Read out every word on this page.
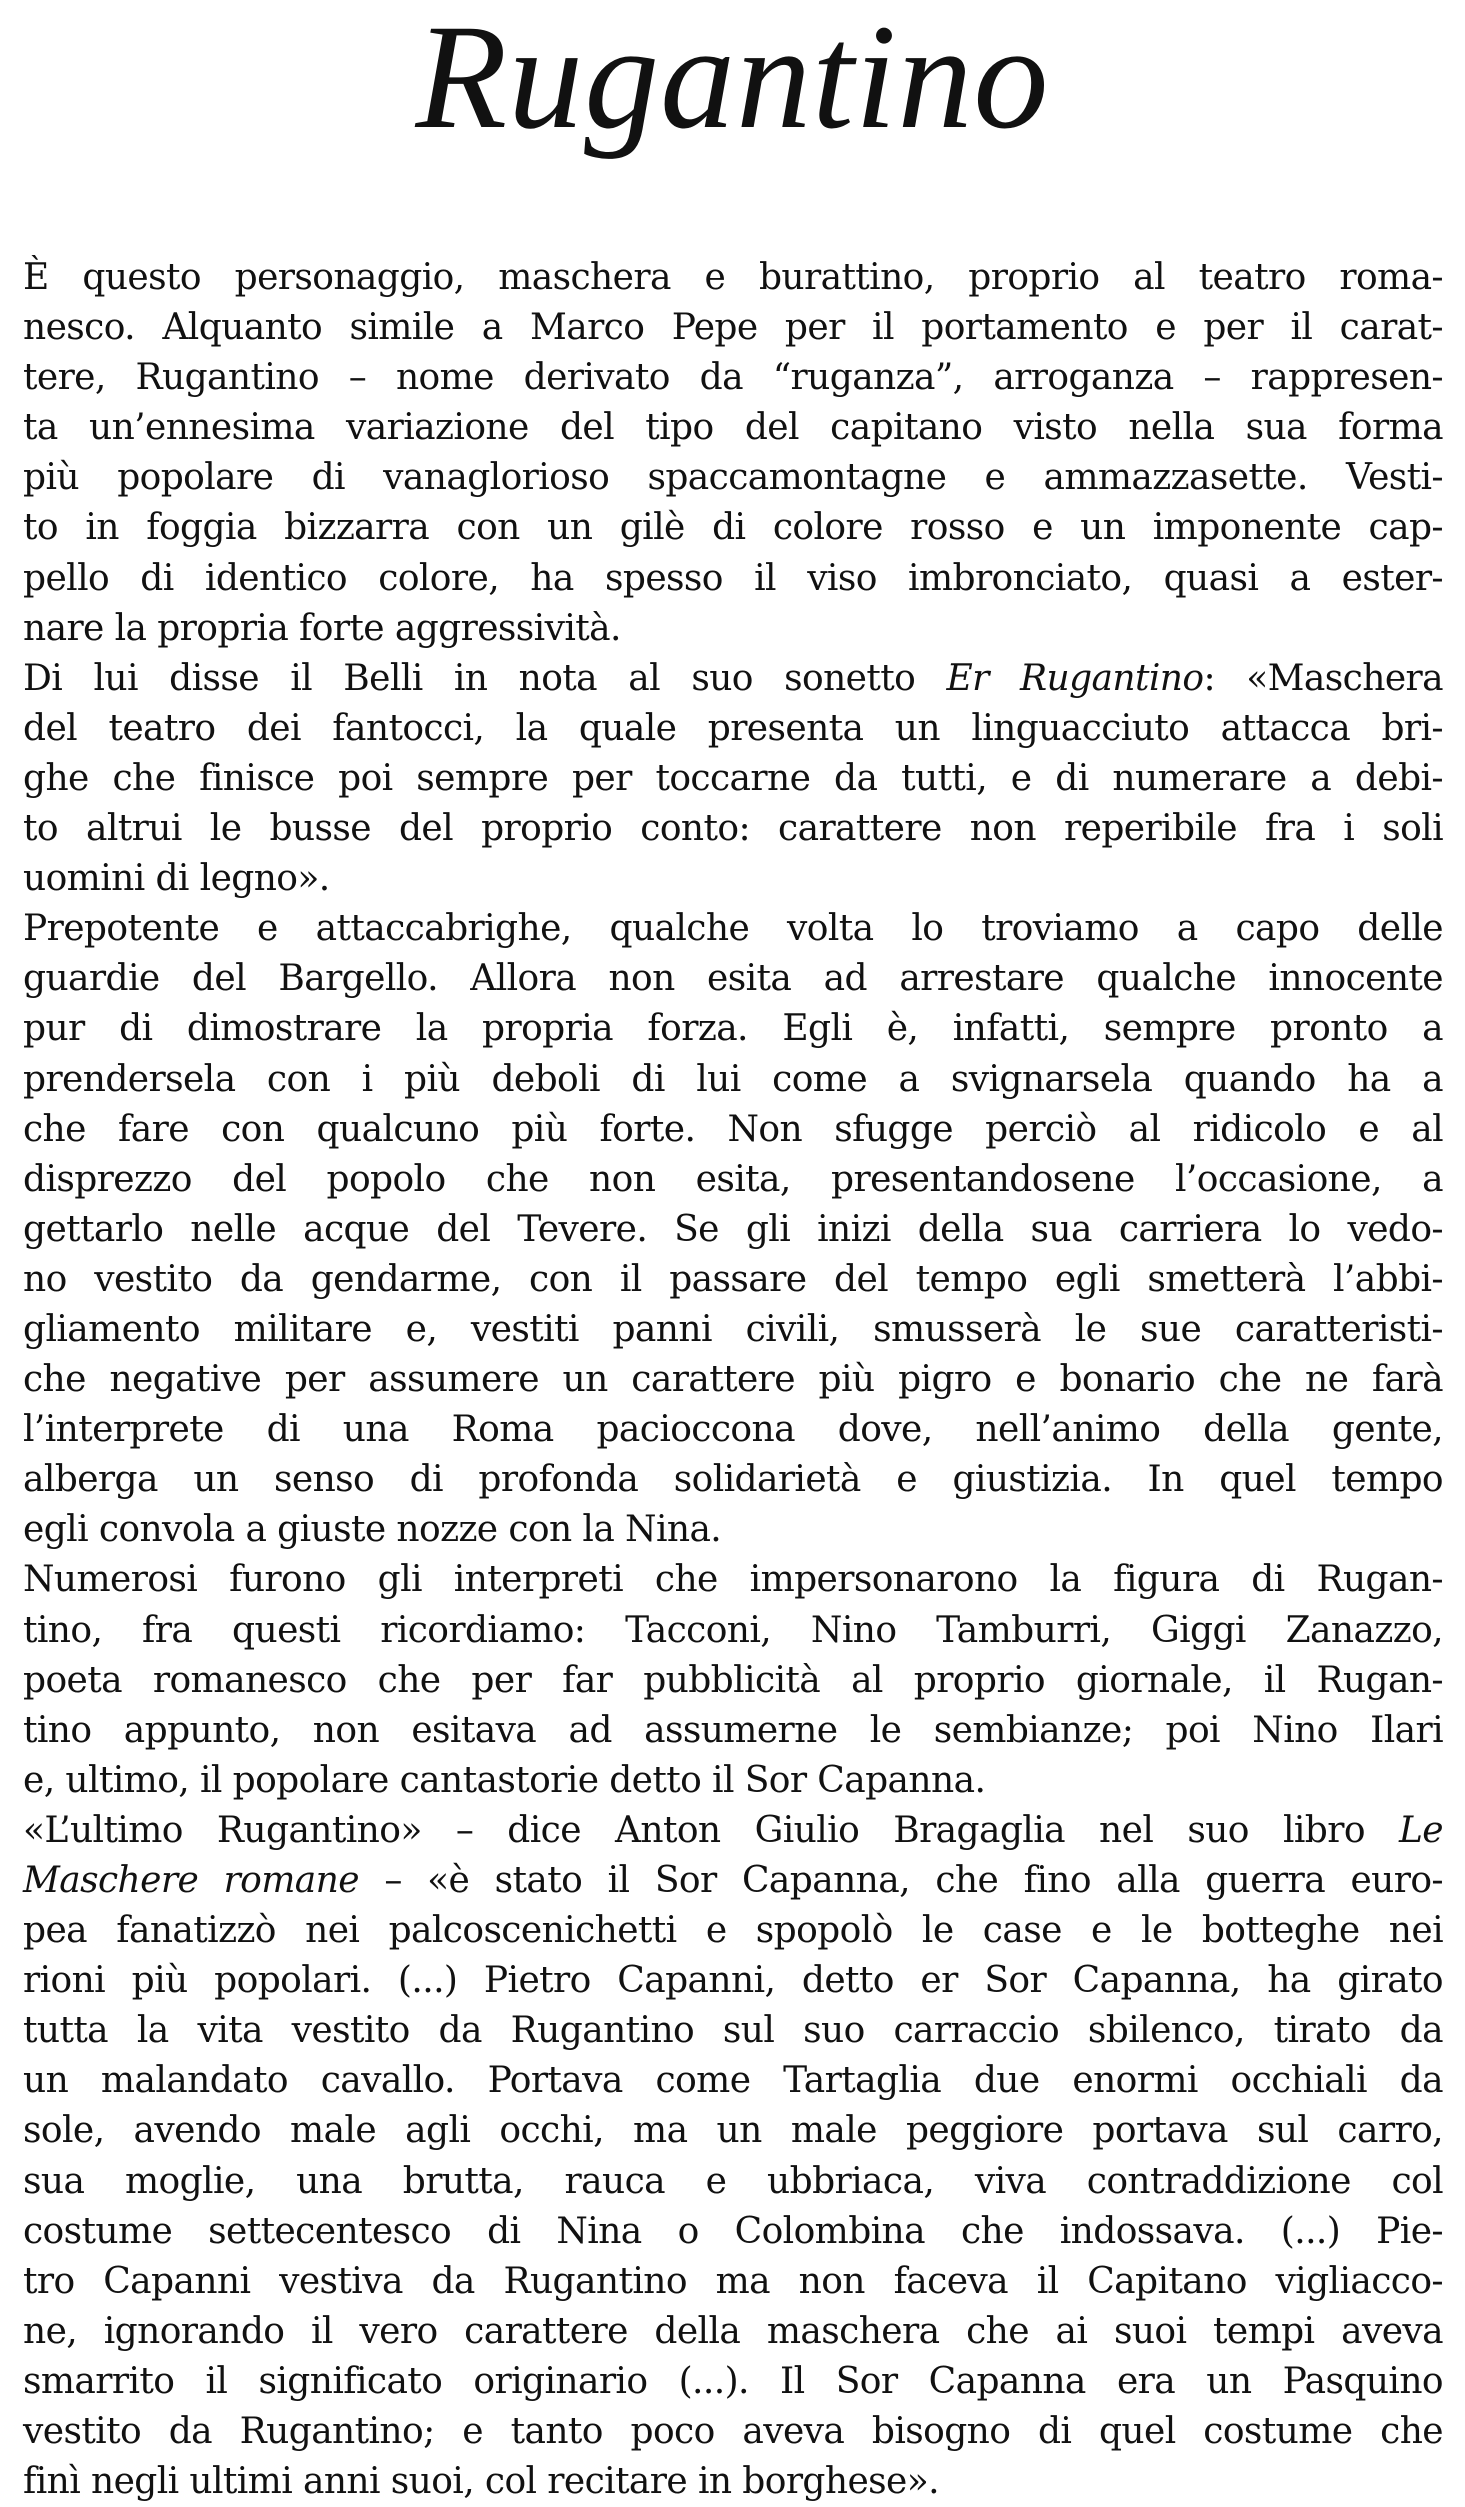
Rugantino
È questo personaggio, maschera e burattino, proprio al teatro roma-
nesco. Alquanto simile a Marco Pepe per il portamento e per il carat-
tere, Rugantino – nome derivato da “ruganza”, arroganza – rappresen-
ta un’ennesima variazione del tipo del capitano visto nella sua forma
più popolare di vanaglorioso spaccamontagne e ammazzasette. Vesti-
to in foggia bizzarra con un gilè di colore rosso e un imponente cap-
pello di identico colore, ha spesso il viso imbronciato, quasi a ester-
nare la propria forte aggressività.
Di lui disse il Belli in nota al suo sonetto Er Rugantino: «Maschera
del teatro dei fantocci, la quale presenta un linguacciuto attacca bri-
ghe che finisce poi sempre per toccarne da tutti, e di numerare a debi-
to altrui le busse del proprio conto: carattere non reperibile fra i soli
uomini di legno».
Prepotente e attaccabrighe, qualche volta lo troviamo a capo delle
guardie del Bargello. Allora non esita ad arrestare qualche innocente
pur di dimostrare la propria forza. Egli è, infatti, sempre pronto a
prendersela con i più deboli di lui come a svignarsela quando ha a
che fare con qualcuno più forte. Non sfugge perciò al ridicolo e al
disprezzo del popolo che non esita, presentandosene l’occasione, a
gettarlo nelle acque del Tevere. Se gli inizi della sua carriera lo vedo-
no vestito da gendarme, con il passare del tempo egli smetterà l’abbi-
gliamento militare e, vestiti panni civili, smusserà le sue caratteristi-
che negative per assumere un carattere più pigro e bonario che ne farà
l’interprete di una Roma pacioccona dove, nell’animo della gente,
alberga un senso di profonda solidarietà e giustizia. In quel tempo
egli convola a giuste nozze con la Nina.
Numerosi furono gli interpreti che impersonarono la figura di Rugan-
tino, fra questi ricordiamo: Tacconi, Nino Tamburri, Giggi Zanazzo,
poeta romanesco che per far pubblicità al proprio giornale, il Rugan-
tino appunto, non esitava ad assumerne le sembianze; poi Nino Ilari
e, ultimo, il popolare cantastorie detto il Sor Capanna.
«L’ultimo Rugantino» – dice Anton Giulio Bragaglia nel suo libro Le
Maschere romane – «è stato il Sor Capanna, che fino alla guerra euro-
pea fanatizzò nei palcoscenichetti e spopolò le case e le botteghe nei
rioni più popolari. (...) Pietro Capanni, detto er Sor Capanna, ha girato
tutta la vita vestito da Rugantino sul suo carraccio sbilenco, tirato da
un malandato cavallo. Portava come Tartaglia due enormi occhiali da
sole, avendo male agli occhi, ma un male peggiore portava sul carro,
sua moglie, una brutta, rauca e ubbriaca, viva contraddizione col
costume settecentesco di Nina o Colombina che indossava. (...) Pie-
tro Capanni vestiva da Rugantino ma non faceva il Capitano vigliacco-
ne, ignorando il vero carattere della maschera che ai suoi tempi aveva
smarrito il significato originario (...). Il Sor Capanna era un Pasquino
vestito da Rugantino; e tanto poco aveva bisogno di quel costume che
finì negli ultimi anni suoi, col recitare in borghese».
